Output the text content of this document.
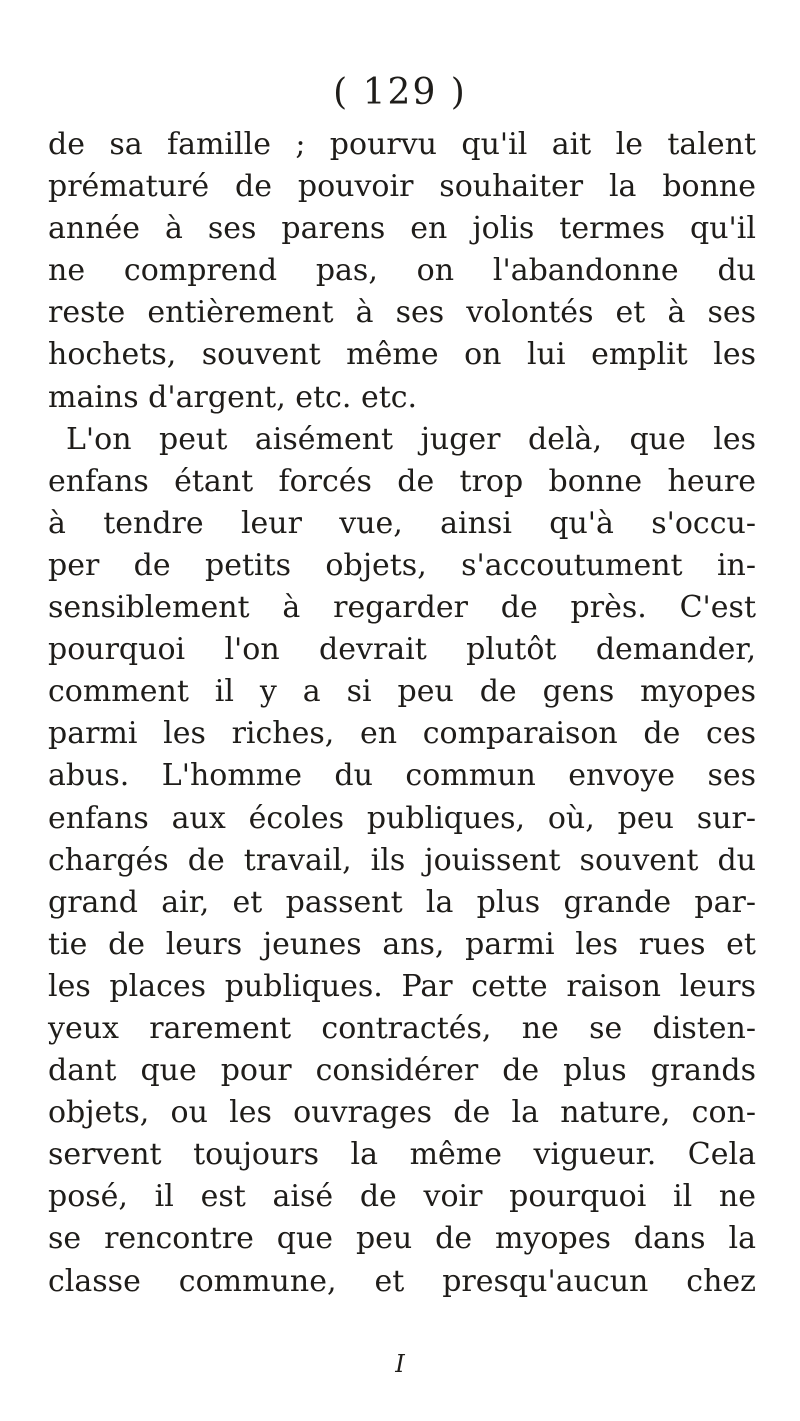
( 129 )
de sa famille ; pourvu qu'il ait le talent
prématuré de pouvoir souhaiter la bonne
année à ses parens en jolis termes qu'il
ne comprend pas, on l'abandonne du
reste entièrement à ses volontés et à ses
hochets, souvent même on lui emplit les
mains d'argent, etc. etc.
L'on peut aisément juger delà, que les
enfans étant forcés de trop bonne heure
à tendre leur vue, ainsi qu'à s'occu-
per de petits objets, s'accoutument in-
sensiblement à regarder de près. C'est
pourquoi l'on devrait plutôt demander,
comment il y a si peu de gens myopes
parmi les riches, en comparaison de ces
abus. L'homme du commun envoye ses
enfans aux écoles publiques, où, peu sur-
chargés de travail, ils jouissent souvent du
grand air, et passent la plus grande par-
tie de leurs jeunes ans, parmi les rues et
les places publiques. Par cette raison leurs
yeux rarement contractés, ne se disten-
dant que pour considérer de plus grands
objets, ou les ouvrages de la nature, con-
servent toujours la même vigueur. Cela
posé, il est aisé de voir pourquoi il ne
se rencontre que peu de myopes dans la
classe commune, et presqu'aucun chez
I
